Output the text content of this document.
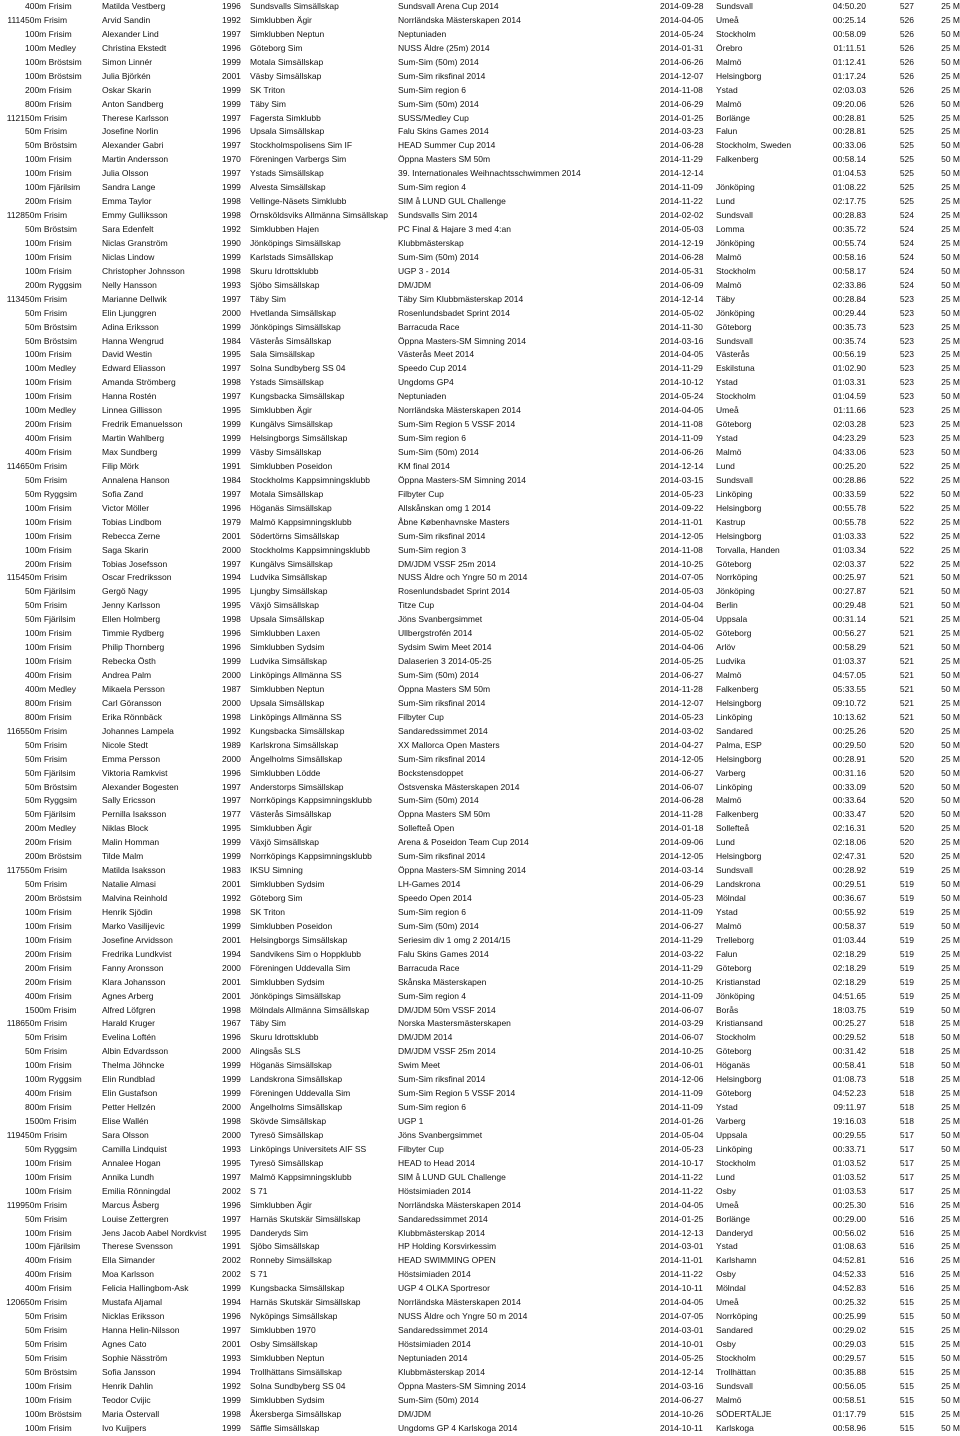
	400m Frisim	Matilda Vestberg	1996	Sundsvalls Simsällskap	Sundsvall Arena Cup 2014	2014-09-28	Sundsvall	04:50.20	527	25 M
1114	50m Frisim	Arvid Sandin	1992	Simklubben Ägir	Norrländska Mästerskapen 2014	2014-04-05	Umeå	00:25.14	526	25 M
	100m Frisim	Alexander Lind	1997	Simklubben Neptun	Neptuniaden	2014-05-24	Stockholm	00:58.09	526	50 M
	100m Medley	Christina Ekstedt	1996	Göteborg Sim	NUSS Äldre (25m) 2014	2014-01-31	Örebro	01:11.51	526	25 M
	100m Bröstsim	Simon Linnér	1999	Motala Simsällskap	Sum-Sim (50m) 2014	2014-06-26	Malmö	01:12.41	526	50 M
	100m Bröstsim	Julia Björkén	2001	Väsby Simsällskap	Sum-Sim riksfinal 2014	2014-12-07	Helsingborg	01:17.24	526	25 M
	200m Frisim	Oskar Skarin	1999	SK Triton	Sum-Sim region 6	2014-11-08	Ystad	02:03.03	526	25 M
	800m Frisim	Anton Sandberg	1999	Täby Sim	Sum-Sim (50m) 2014	2014-06-29	Malmö	09:20.06	526	50 M
1121	50m Frisim	Therese Karlsson	1997	Fagersta Simklubb	SUSS/Medley Cup	2014-01-25	Borlänge	00:28.81	525	25 M
	50m Frisim	Josefine Norlin	1996	Upsala Simsällskap	Falu Skins Games 2014	2014-03-23	Falun	00:28.81	525	25 M
	50m Bröstsim	Alexander Gabri	1997	Stockholmspolisens Sim IF	HEAD Summer Cup 2014	2014-06-28	Stockholm, Sweden	00:33.06	525	50 M
	100m Frisim	Martin Andersson	1970	Föreningen Varbergs Sim	Öppna Masters SM 50m	2014-11-29	Falkenberg	00:58.14	525	50 M
	100m Frisim	Julia Olsson	1997	Ystads Simsällskap	39. Internationales Weihnachtsschwimmen 2014	2014-12-14		01:04.53	525	50 M
	100m Fjärilsim	Sandra Lange	1999	Alvesta Simsällskap	Sum-Sim region 4	2014-11-09	Jönköping	01:08.22	525	25 M
	200m Frisim	Emma Taylor	1998	Vellinge-Näsets Simklubb	SIM å LUND GUL Challenge	2014-11-22	Lund	02:17.75	525	25 M
1128	50m Frisim	Emmy Gulliksson	1998	Örnsköldsviks Allmänna Simsällskap	Sundsvalls Sim 2014	2014-02-02	Sundsvall	00:28.83	524	25 M
	50m Bröstsim	Sara Edenfelt	1992	Simklubben Hajen	PC Final & Hajare 3 med 4:an	2014-05-03	Lomma	00:35.72	524	25 M
	100m Frisim	Niclas Granström	1990	Jönköpings Simsällskap	Klubbmästerskap	2014-12-19	Jönköping	00:55.74	524	25 M
	100m Frisim	Niclas Lindow	1999	Karlstads Simsällskap	Sum-Sim (50m) 2014	2014-06-28	Malmö	00:58.16	524	50 M
	100m Frisim	Christopher Johnsson	1998	Skuru Idrottsklubb	UGP 3 - 2014	2014-05-31	Stockholm	00:58.17	524	50 M
	200m Ryggsim	Nelly Hansson	1993	Sjöbo Simsällskap	DM/JDM	2014-06-09	Malmö	02:33.86	524	50 M
1134	50m Frisim	Marianne Dellwik	1997	Täby Sim	Täby Sim Klubbmästerskap 2014	2014-12-14	Täby	00:28.84	523	25 M
	50m Frisim	Elin Ljunggren	2000	Hvetlanda Simsällskap	Rosenlundsbadet Sprint 2014	2014-05-02	Jönköping	00:29.44	523	50 M
	50m Bröstsim	Adina Eriksson	1999	Jönköpings Simsällskap	Barracuda Race	2014-11-30	Göteborg	00:35.73	523	25 M
	50m Bröstsim	Hanna Wengrud	1984	Västerås Simsällskap	Öppna Masters-SM Simning 2014	2014-03-16	Sundsvall	00:35.74	523	25 M
	100m Frisim	David Westin	1995	Sala Simsällskap	Västerås Meet 2014	2014-04-05	Västerås	00:56.19	523	25 M
	100m Medley	Edward Eliasson	1997	Solna Sundbyberg SS 04	Speedo Cup 2014	2014-11-29	Eskilstuna	01:02.90	523	25 M
	100m Frisim	Amanda Strömberg	1998	Ystads Simsällskap	Ungdoms GP4	2014-10-12	Ystad	01:03.31	523	25 M
	100m Frisim	Hanna Rostén	1997	Kungsbacka Simsällskap	Neptuniaden	2014-05-24	Stockholm	01:04.59	523	50 M
	100m Medley	Linnea Gillisson	1995	Simklubben Ägir	Norrländska Mästerskapen 2014	2014-04-05	Umeå	01:11.66	523	25 M
	200m Frisim	Fredrik Emanuelsson	1999	Kungälvs Simsällskap	Sum-Sim Region 5 VSSF 2014	2014-11-08	Göteborg	02:03.28	523	25 M
	400m Frisim	Martin Wahlberg	1999	Helsingborgs Simsällskap	Sum-Sim region 6	2014-11-09	Ystad	04:23.29	523	25 M
	400m Frisim	Max Sundberg	1999	Väsby Simsällskap	Sum-Sim (50m) 2014	2014-06-26	Malmö	04:33.06	523	50 M
1146	50m Frisim	Filip Mörk	1991	Simklubben Poseidon	KM final 2014	2014-12-14	Lund	00:25.20	522	25 M
	50m Frisim	Annalena Hanson	1984	Stockholms Kappsimningsklubb	Öppna Masters-SM Simning 2014	2014-03-15	Sundsvall	00:28.86	522	25 M
	50m Ryggsim	Sofia Zand	1997	Motala Simsällskap	Filbyter Cup	2014-05-23	Linköping	00:33.59	522	50 M
	100m Frisim	Victor Möller	1996	Höganäs Simsällskap	Allskånskan omg 1 2014	2014-09-22	Helsingborg	00:55.78	522	25 M
	100m Frisim	Tobias Lindbom	1979	Malmö Kappsimningsklubb	Åbne Københavnske Masters	2014-11-01	Kastrup	00:55.78	522	25 M
	100m Frisim	Rebecca Zerne	2001	Södertörns Simsällskap	Sum-Sim riksfinal 2014	2014-12-05	Helsingborg	01:03.33	522	25 M
	100m Frisim	Saga Skarin	2000	Stockholms Kappsimningsklubb	Sum-Sim region 3	2014-11-08	Torvalla, Handen	01:03.34	522	25 M
	200m Frisim	Tobias Josefsson	1997	Kungälvs Simsällskap	DM/JDM VSSF 25m 2014	2014-10-25	Göteborg	02:03.37	522	25 M
1154	50m Frisim	Oscar Fredriksson	1994	Ludvika Simsällskap	NUSS Äldre och Yngre 50 m 2014	2014-07-05	Norrköping	00:25.97	521	50 M
	50m Fjärilsim	Gergö Nagy	1995	Ljungby Simsällskap	Rosenlundsbadet Sprint 2014	2014-05-03	Jönköping	00:27.87	521	50 M
	50m Frisim	Jenny Karlsson	1995	Växjö Simsällskap	Titze Cup	2014-04-04	Berlin	00:29.48	521	50 M
	50m Fjärilsim	Ellen Holmberg	1998	Upsala Simsällskap	Jöns Svanbergsimmet	2014-05-04	Uppsala	00:31.14	521	25 M
	100m Frisim	Timmie Rydberg	1996	Simklubben Laxen	Ullbergstrofén 2014	2014-05-02	Göteborg	00:56.27	521	25 M
	100m Frisim	Philip Thornberg	1996	Simklubben Sydsim	Sydsim Swim Meet 2014	2014-04-06	Arlöv	00:58.29	521	50 M
	100m Frisim	Rebecka Östh	1999	Ludvika Simsällskap	Dalaserien 3 2014-05-25	2014-05-25	Ludvika	01:03.37	521	25 M
	400m Frisim	Andrea Palm	2000	Linköpings Allmänna SS	Sum-Sim (50m) 2014	2014-06-27	Malmö	04:57.05	521	50 M
	400m Medley	Mikaela Persson	1987	Simklubben Neptun	Öppna Masters SM 50m	2014-11-28	Falkenberg	05:33.55	521	50 M
	800m Frisim	Carl Göransson	2000	Upsala Simsällskap	Sum-Sim riksfinal 2014	2014-12-07	Helsingborg	09:10.72	521	25 M
	800m Frisim	Erika Rönnbäck	1998	Linköpings Allmänna SS	Filbyter Cup	2014-05-23	Linköping	10:13.62	521	50 M
1165	50m Frisim	Johannes Lampela	1992	Kungsbacka Simsällskap	Sandaredssimmet 2014	2014-03-02	Sandared	00:25.26	520	25 M
	50m Frisim	Nicole Stedt	1989	Karlskrona Simsällskap	XX Mallorca Open Masters	2014-04-27	Palma, ESP	00:29.50	520	50 M
	50m Frisim	Emma Persson	2000	Ängelholms Simsällskap	Sum-Sim riksfinal 2014	2014-12-05	Helsingborg	00:28.91	520	25 M
	50m Fjärilsim	Viktoria Ramkvist	1996	Simklubben Lödde	Bockstensdoppet	2014-06-27	Varberg	00:31.16	520	50 M
	50m Bröstsim	Alexander Bogesten	1997	Anderstorps Simsällskap	Östsvenska Mästerskapen 2014	2014-06-07	Linköping	00:33.09	520	50 M
	50m Ryggsim	Sally Ericsson	1997	Norrköpings Kappsimningsklubb	Sum-Sim (50m) 2014	2014-06-28	Malmö	00:33.64	520	50 M
	50m Fjärilsim	Pernilla Isaksson	1977	Västerås Simsällskap	Öppna Masters SM 50m	2014-11-28	Falkenberg	00:33.47	520	50 M
	200m Medley	Niklas Block	1995	Simklubben Ägir	Sollefteå Open	2014-01-18	Sollefteå	02:16.31	520	25 M
	200m Frisim	Malin Homman	1999	Växjö Simsällskap	Arena & Poseidon Team Cup 2014	2014-09-06	Lund	02:18.06	520	25 M
	200m Bröstsim	Tilde Malm	1999	Norrköpings Kappsimningsklubb	Sum-Sim riksfinal 2014	2014-12-05	Helsingborg	02:47.31	520	25 M
1175	50m Frisim	Matilda Isaksson	1983	IKSU Simning	Öppna Masters-SM Simning 2014	2014-03-14	Sundsvall	00:28.92	519	25 M
	50m Frisim	Natalie Almasi	2001	Simklubben Sydsim	LH-Games 2014	2014-06-29	Landskrona	00:29.51	519	50 M
	200m Bröstsim	Malvina Reinhold	1992	Göteborg Sim	Speedo Open 2014	2014-05-23	Mölndal	00:36.67	519	50 M
	100m Frisim	Henrik Sjödin	1998	SK Triton	Sum-Sim region 6	2014-11-09	Ystad	00:55.92	519	25 M
	100m Frisim	Marko Vasilijevic	1999	Simklubben Poseidon	Sum-Sim (50m) 2014	2014-06-27	Malmö	00:58.37	519	50 M
	100m Frisim	Josefine Arvidsson	2001	Helsingborgs Simsällskap	Seriesim div 1 omg 2 2014/15	2014-11-29	Trelleborg	01:03.44	519	25 M
	200m Frisim	Fredrika Lundkvist	1994	Sandvikens Sim o Hoppklubb	Falu Skins Games 2014	2014-03-22	Falun	02:18.29	519	25 M
	200m Frisim	Fanny Aronsson	2000	Föreningen Uddevalla Sim	Barracuda Race	2014-11-29	Göteborg	02:18.29	519	25 M
	200m Frisim	Klara Johansson	2001	Simklubben Sydsim	Skånska Mästerskapen	2014-10-25	Kristianstad	02:18.29	519	25 M
	400m Frisim	Agnes Arberg	2001	Jönköpings Simsällskap	Sum-Sim region 4	2014-11-09	Jönköping	04:51.65	519	25 M
	1500m Frisim	Alfred Löfgren	1998	Mölndals Allmänna Simsällskap	DM/JDM 50m VSSF 2014	2014-06-07	Borås	18:03.75	519	50 M
1186	50m Frisim	Harald Kruger	1967	Täby Sim	Norska Mastersmästerskapen	2014-03-29	Kristiansand	00:25.27	518	25 M
	50m Frisim	Evelina Loftén	1996	Skuru Idrottsklubb	DM/JDM 2014	2014-06-07	Stockholm	00:29.52	518	50 M
	50m Frisim	Albin Edvardsson	2000	Alingsås SLS	DM/JDM VSSF 25m 2014	2014-10-25	Göteborg	00:31.42	518	25 M
	100m Frisim	Thelma Jöhncke	1999	Höganäs Simsällskap	Swim Meet	2014-06-01	Höganäs	00:58.41	518	50 M
	100m Ryggsim	Elin Rundblad	1999	Landskrona Simsällskap	Sum-Sim riksfinal 2014	2014-12-06	Helsingborg	01:08.73	518	25 M
	400m Frisim	Elin Gustafson	1999	Föreningen Uddevalla Sim	Sum-Sim Region 5 VSSF 2014	2014-11-09	Göteborg	04:52.23	518	25 M
	800m Frisim	Petter Hellzén	2000	Ängelholms Simsällskap	Sum-Sim region 6	2014-11-09	Ystad	09:11.97	518	25 M
	1500m Frisim	Elise Wallén	1998	Skövde Simsällskap	UGP 1	2014-01-26	Varberg	19:16.03	518	25 M
1194	50m Frisim	Sara Olsson	2000	Tyresö Simsällskap	Jöns Svanbergsimmet	2014-05-04	Uppsala	00:29.55	517	50 M
	50m Ryggsim	Camilla Lindquist	1993	Linköpings Universitets AIF SS	Filbyter Cup	2014-05-23	Linköping	00:33.71	517	50 M
	100m Frisim	Annalee Hogan	1995	Tyresö Simsällskap	HEAD to Head 2014	2014-10-17	Stockholm	01:03.52	517	25 M
	100m Frisim	Annika Lundh	1997	Malmö Kappsimningsklubb	SIM å LUND GUL Challenge	2014-11-22	Lund	01:03.52	517	25 M
	100m Frisim	Emilia Rönningdal	2002	S 71	Höstsimiaden 2014	2014-11-22	Osby	01:03.53	517	25 M
1199	50m Frisim	Marcus Åsberg	1996	Simklubben Ägir	Norrländska Mästerskapen 2014	2014-04-05	Umeå	00:25.30	516	25 M
	50m Frisim	Louise Zettergren	1997	Harnäs Skutskär Simsällskap	Sandaredssimmet 2014	2014-01-25	Borlänge	00:29.00	516	25 M
	100m Frisim	Jens Jacob Aabel Nordkvist	1995	Danderyds Sim	Klubbmästerskap 2014	2014-12-13	Danderyd	00:56.02	516	25 M
	100m Fjärilsim	Therese Svensson	1991	Sjöbo Simsällskap	HP Holding Korsvirkessim	2014-03-01	Ystad	01:08.63	516	25 M
	400m Frisim	Ella Simander	2002	Ronneby Simsällskap	HEAD SWIMMING OPEN	2014-11-01	Karlshamn	04:52.81	516	25 M
	400m Frisim	Moa Karlsson	2002	S 71	Höstsimiaden 2014	2014-11-22	Osby	04:52.33	516	25 M
	400m Frisim	Felicia Hallingbom-Ask	1999	Kungsbacka Simsällskap	UGP 4 OLKA Sportresor	2014-10-11	Mölndal	04:52.83	516	25 M
1206	50m Frisim	Mustafa Aljamal	1994	Harnäs Skutskär Simsällskap	Norrländska Mästerskapen 2014	2014-04-05	Umeå	00:25.32	515	25 M
	50m Frisim	Nicklas Eriksson	1996	Nyköpings Simsällskap	NUSS Äldre och Yngre 50 m 2014	2014-07-05	Norrköping	00:25.99	515	50 M
	50m Frisim	Hanna Helin-Nilsson	1997	Simklubben 1970	Sandaredssimmet 2014	2014-03-01	Sandared	00:29.02	515	25 M
	50m Frisim	Agnes Cato	2001	Osby Simsällskap	Höstsimiaden 2014	2014-10-01	Osby	00:29.03	515	25 M
	50m Frisim	Sophie Näsström	1993	Simklubben Neptun	Neptuniaden 2014	2014-05-25	Stockholm	00:29.57	515	50 M
	50m Bröstsim	Sofia Jansson	1994	Trollhättans Simsällskap	Klubbmästerskap 2014	2014-12-14	Trollhättan	00:35.88	515	25 M
	100m Frisim	Henrik Dahlin	1992	Solna Sundbyberg SS 04	Öppna Masters-SM Simning 2014	2014-03-16	Sundsvall	00:56.05	515	25 M
	100m Frisim	Teodor Cvijic	1999	Simklubben Sydsim	Sum-Sim (50m) 2014	2014-06-27	Malmö	00:58.51	515	50 M
	100m Bröstsim	Maria Östervall	1998	Åkersberga Simsällskap	DM/JDM	2014-10-26	SÖDERTÄLJE	01:17.79	515	25 M
	100m Frisim	Ivo Kuijpers	1999	Säffle Simsällskap	Ungdoms GP 4 Karlskoga 2014	2014-10-11	Karlskoga	00:58.96	515	50 M
